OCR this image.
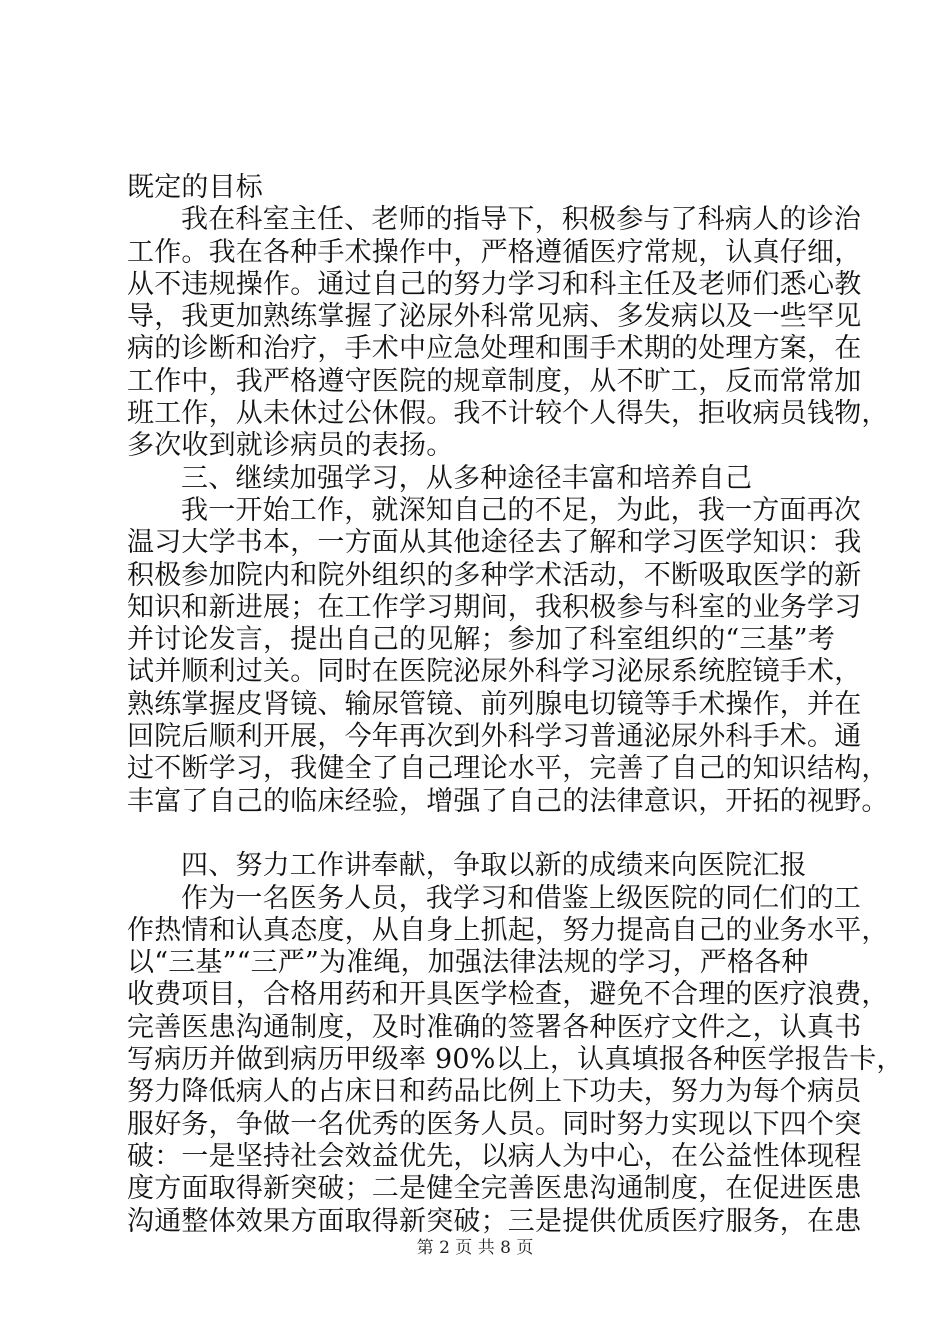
既定的目标
我在科室主任、老师的指导下，积极参与了科病人的诊治
工作。我在各种手术操作中，严格遵循医疗常规，认真仔细，
从不违规操作。通过自己的努力学习和科主任及老师们悉心教
导，我更加熟练掌握了泌尿外科常见病、多发病以及一些罕见
病的诊断和治疗，手术中应急处理和围手术期的处理方案，在
工作中，我严格遵守医院的规章制度，从不旷工，反而常常加
班工作，从未休过公休假。我不计较个人得失，拒收病员钱物，
多次收到就诊病员的表扬。
三、继续加强学习，从多种途径丰富和培养自己
我一开始工作，就深知自己的不足，为此，我一方面再次
温习大学书本，一方面从其他途径去了解和学习医学知识：我
积极参加院内和院外组织的多种学术活动，不断吸取医学的新
知识和新进展；在工作学习期间，我积极参与科室的业务学习
并讨论发言，提出自己的见解；参加了科室组织的“三基”考
试并顺利过关。同时在医院泌尿外科学习泌尿系统腔镜手术，
熟练掌握皮肾镜、输尿管镜、前列腺电切镜等手术操作，并在
回院后顺利开展，今年再次到外科学习普通泌尿外科手术。通
过不断学习，我健全了自己理论水平，完善了自己的知识结构，
丰富了自己的临床经验，增强了自己的法律意识，开拓的视野。
四、努力工作讲奉献，争取以新的成绩来向医院汇报
作为一名医务人员，我学习和借鉴上级医院的同仁们的工
作热情和认真态度，从自身上抓起，努力提高自己的业务水平，
以“三基”“三严”为准绳，加强法律法规的学习，严格各种
收费项目，合格用药和开具医学检查，避免不合理的医疗浪费，
完善医患沟通制度，及时准确的签署各种医疗文件之，认真书
写病历并做到病历甲级率 90%以上，认真填报各种医学报告卡，
努力降低病人的占床日和药品比例上下功夫，努力为每个病员
服好务，争做一名优秀的医务人员。同时努力实现以下四个突
破：一是坚持社会效益优先，以病人为中心，在公益性体现程
度方面取得新突破；二是健全完善医患沟通制度，在促进医患
沟通整体效果方面取得新突破；三是提供优质医疗服务，在患
第 2 页 共 8 页
